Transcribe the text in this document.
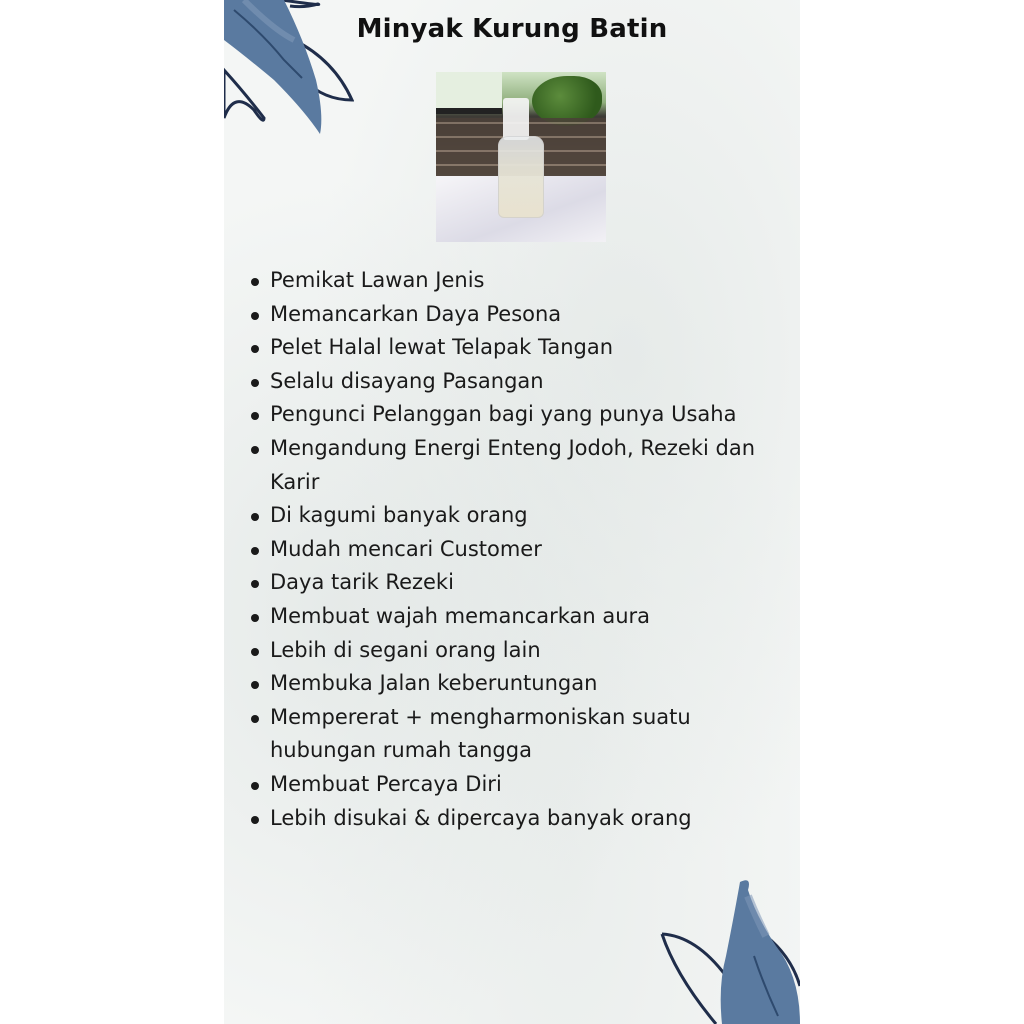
Minyak Kurung Batin
Pemikat Lawan Jenis
Memancarkan Daya Pesona
Pelet Halal lewat Telapak Tangan
Selalu disayang Pasangan
Pengunci Pelanggan bagi yang punya Usaha
Mengandung Energi Enteng Jodoh, Rezeki dan Karir
Di kagumi banyak orang
Mudah mencari Customer
Daya tarik Rezeki
Membuat wajah memancarkan aura
Lebih di segani orang lain
Membuka Jalan keberuntungan
Mempererat + mengharmoniskan suatu hubungan rumah tangga
Membuat Percaya Diri
Lebih disukai & dipercaya banyak orang
